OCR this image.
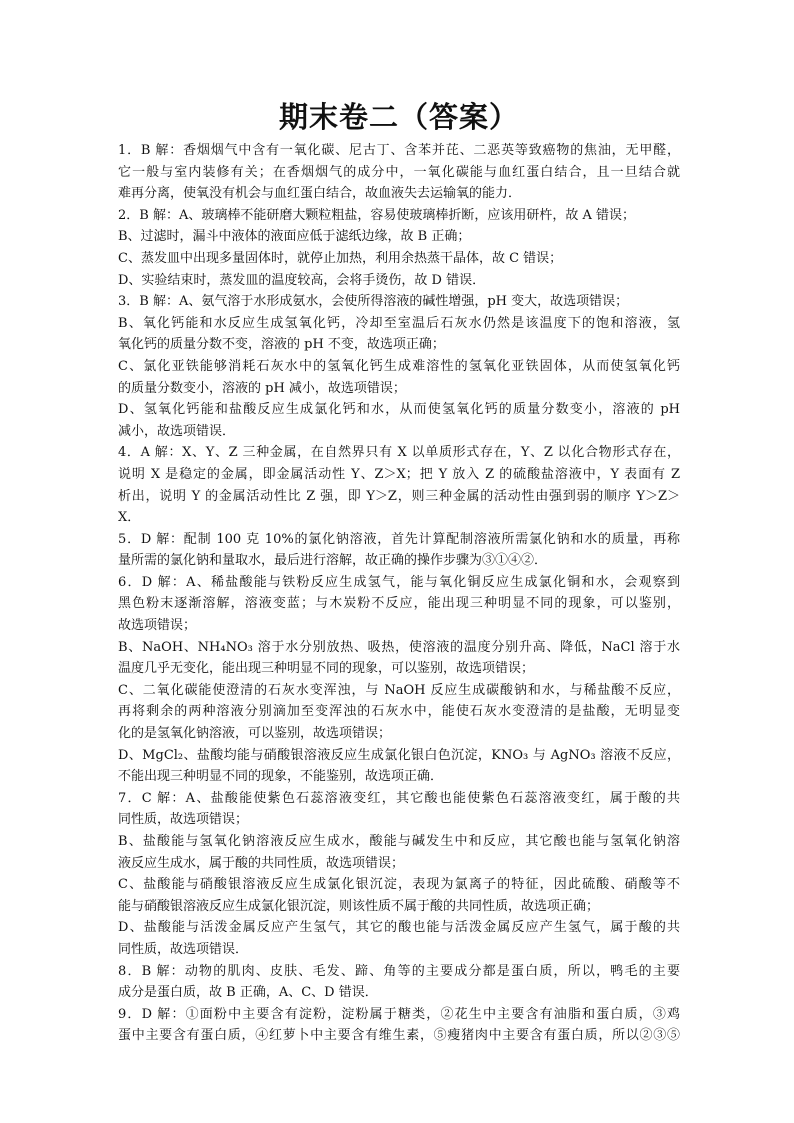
期末卷二（答案）
1．B 解：香烟烟气中含有一氧化碳、尼古丁、含苯并芘、二恶英等致癌物的焦油，无甲醛，
它一般与室内装修有关；在香烟烟气的成分中，一氧化碳能与血红蛋白结合，且一旦结合就
难再分离，使氧没有机会与血红蛋白结合，故血液失去运输氧的能力．
2．B 解：A、玻璃棒不能研磨大颗粒粗盐，容易使玻璃棒折断，应该用研杵，故 A 错误；
B、过滤时，漏斗中液体的液面应低于滤纸边缘，故 B 正确；
C、蒸发皿中出现多量固体时，就停止加热，利用余热蒸干晶体，故 C 错误；
D、实验结束时，蒸发皿的温度较高，会将手烫伤，故 D 错误．
3．B 解：A、氨气溶于水形成氨水，会使所得溶液的碱性增强，pH 变大，故选项错误；
B、氧化钙能和水反应生成氢氧化钙，冷却至室温后石灰水仍然是该温度下的饱和溶液，氢
氧化钙的质量分数不变，溶液的 pH 不变，故选项正确；
C、氯化亚铁能够消耗石灰水中的氢氧化钙生成难溶性的氢氧化亚铁固体，从而使氢氧化钙
的质量分数变小，溶液的 pH 减小，故选项错误；
D、氢氧化钙能和盐酸反应生成氯化钙和水，从而使氢氧化钙的质量分数变小，溶液的 pH
减小，故选项错误．
4．A 解：X、Y、Z 三种金属，在自然界只有 X 以单质形式存在，Y、Z 以化合物形式存在，
说明 X 是稳定的金属，即金属活动性 Y、Z＞X；把 Y 放入 Z 的硫酸盐溶液中，Y 表面有 Z
析出，说明 Y 的金属活动性比 Z 强，即 Y＞Z，则三种金属的活动性由强到弱的顺序 Y＞Z＞
X．
5．D 解：配制 100 克 10%的氯化钠溶液，首先计算配制溶液所需氯化钠和水的质量，再称
量所需的氯化钠和量取水，最后进行溶解，故正确的操作步骤为③①④②．
6．D 解：A、稀盐酸能与铁粉反应生成氢气，能与氧化铜反应生成氯化铜和水，会观察到
黑色粉末逐渐溶解，溶液变蓝；与木炭粉不反应，能出现三种明显不同的现象，可以鉴别，
故选项错误；
B、NaOH、NH₄NO₃ 溶于水分别放热、吸热，使溶液的温度分别升高、降低，NaCl 溶于水
温度几乎无变化，能出现三种明显不同的现象，可以鉴别，故选项错误；
C、二氧化碳能使澄清的石灰水变浑浊，与 NaOH 反应生成碳酸钠和水，与稀盐酸不反应，
再将剩余的两种溶液分别滴加至变浑浊的石灰水中，能使石灰水变澄清的是盐酸，无明显变
化的是氢氧化钠溶液，可以鉴别，故选项错误；
D、MgCl₂、盐酸均能与硝酸银溶液反应生成氯化银白色沉淀，KNO₃ 与 AgNO₃ 溶液不反应，
不能出现三种明显不同的现象，不能鉴别，故选项正确．
7．C 解：A、盐酸能使紫色石蕊溶液变红，其它酸也能使紫色石蕊溶液变红，属于酸的共
同性质，故选项错误；
B、盐酸能与氢氧化钠溶液反应生成水，酸能与碱发生中和反应，其它酸也能与氢氧化钠溶
液反应生成水，属于酸的共同性质，故选项错误；
C、盐酸能与硝酸银溶液反应生成氯化银沉淀，表现为氯离子的特征，因此硫酸、硝酸等不
能与硝酸银溶液反应生成氯化银沉淀，则该性质不属于酸的共同性质，故选项正确；
D、盐酸能与活泼金属反应产生氢气，其它的酸也能与活泼金属反应产生氢气，属于酸的共
同性质，故选项错误．
8．B 解：动物的肌肉、皮肤、毛发、蹄、角等的主要成分都是蛋白质，所以，鸭毛的主要
成分是蛋白质，故 B 正确，A、C、D 错误．
9．D 解：①面粉中主要含有淀粉，淀粉属于糖类，②花生中主要含有油脂和蛋白质，③鸡
蛋中主要含有蛋白质，④红萝卜中主要含有维生素，⑤瘦猪肉中主要含有蛋白质，所以②③⑤
